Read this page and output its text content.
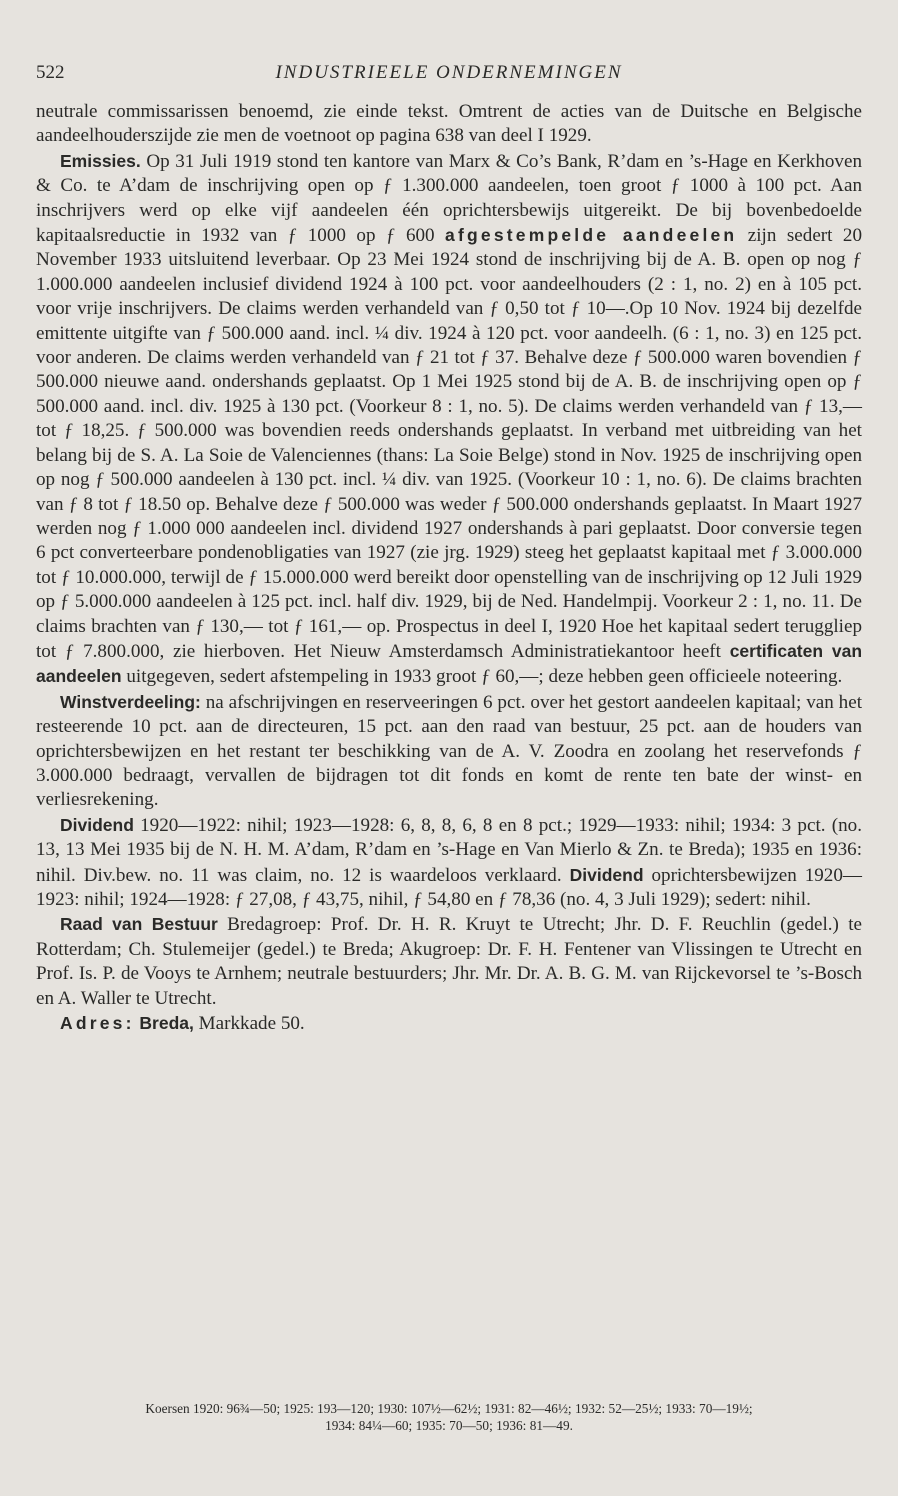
522	INDUSTRIEELE ONDERNEMINGEN

neutrale commissarissen benoemd, zie einde tekst. Omtrent de acties van de Duitsche en Belgische aandeelhouderszijde zie men de voetnoot op pagina 638 van deel I 1929.

Emissies. Op 31 Juli 1919 stond ten kantore van Marx & Co’s Bank, R’dam en ’s-Hage en Kerkhoven & Co. te A’dam de inschrijving open op ƒ 1.300.000 aandeelen, toen groot ƒ 1000 à 100 pct. Aan inschrijvers werd op elke vijf aandeelen één oprichtersbewijs uitgereikt. De bij bovenbedoelde kapitaalsreductie in 1932 van ƒ 1000 op ƒ 600 afgestempelde aandeelen zijn sedert 20 November 1933 uitsluitend leverbaar. Op 23 Mei 1924 stond de inschrijving bij de A. B. open op nog ƒ 1.000.000 aandeelen inclusief dividend 1924 à 100 pct. voor aandeelhouders (2 : 1, no. 2) en à 105 pct. voor vrije inschrijvers. De claims werden verhandeld van ƒ 0,50 tot ƒ 10—.Op 10 Nov. 1924 bij dezelfde emittente uitgifte van ƒ 500.000 aand. incl. ¼ div. 1924 à 120 pct. voor aandeelh. (6 : 1, no. 3) en 125 pct. voor anderen. De claims werden verhandeld van ƒ 21 tot ƒ 37. Behalve deze ƒ 500.000 waren bovendien ƒ 500.000 nieuwe aand. ondershands geplaatst. Op 1 Mei 1925 stond bij de A. B. de inschrijving open op ƒ 500.000 aand. incl. div. 1925 à 130 pct. (Voorkeur 8 : 1, no. 5). De claims werden verhandeld van ƒ 13,— tot ƒ 18,25. ƒ 500.000 was bovendien reeds ondershands geplaatst. In verband met uitbreiding van het belang bij de S. A. La Soie de Valenciennes (thans: La Soie Belge) stond in Nov. 1925 de inschrijving open op nog ƒ 500.000 aandeelen à 130 pct. incl. ¼ div. van 1925. (Voorkeur 10 : 1, no. 6). De claims brachten van ƒ 8 tot ƒ 18.50 op. Behalve deze ƒ 500.000 was weder ƒ 500.000 ondershands geplaatst. In Maart 1927 werden nog ƒ 1.000 000 aandeelen incl. dividend 1927 ondershands à pari geplaatst. Door conversie tegen 6 pct converteerbare pondenobligaties van 1927 (zie jrg. 1929) steeg het geplaatst kapitaal met ƒ 3.000.000 tot ƒ 10.000.000, terwijl de ƒ 15.000.000 werd bereikt door openstelling van de inschrijving op 12 Juli 1929 op ƒ 5.000.000 aandeelen à 125 pct. incl. half div. 1929, bij de Ned. Handelmpij. Voorkeur 2 : 1, no. 11. De claims brachten van ƒ 130,— tot ƒ 161,— op. Prospectus in deel I, 1920 Hoe het kapitaal sedert teruggliep tot ƒ 7.800.000, zie hierboven. Het Nieuw Amsterdamsch Administratiekantoor heeft certificaten van aandeelen uitgegeven, sedert afstempeling in 1933 groot ƒ 60,—; deze hebben geen officieele noteering.

Winstverdeeling: na afschrijvingen en reserveeringen 6 pct. over het gestort aandeelen kapitaal; van het resteerende 10 pct. aan de directeuren, 15 pct. aan den raad van bestuur, 25 pct. aan de houders van oprichtersbewijzen en het restant ter beschikking van de A. V. Zoodra en zoolang het reservefonds ƒ 3.000.000 bedraagt, vervallen de bijdragen tot dit fonds en komt de rente ten bate der winst- en verliesrekening.

Dividend 1920—1922: nihil; 1923—1928: 6, 8, 8, 6, 8 en 8 pct.; 1929—1933: nihil; 1934: 3 pct. (no. 13, 13 Mei 1935 bij de N. H. M. A’dam, R’dam en ’s-Hage en Van Mierlo & Zn. te Breda); 1935 en 1936: nihil. Div.bew. no. 11 was claim, no. 12 is waardeloos verklaard. Dividend oprichtersbewijzen 1920—1923: nihil; 1924—1928: ƒ 27,08, ƒ 43,75, nihil, ƒ 54,80 en ƒ 78,36 (no. 4, 3 Juli 1929); sedert: nihil.

Raad van Bestuur Bredagroep: Prof. Dr. H. R. Kruyt te Utrecht; Jhr. D. F. Reuchlin (gedel.) te Rotterdam; Ch. Stulemeijer (gedel.) te Breda; Akugroep: Dr. F. H. Fentener van Vlissingen te Utrecht en Prof. Is. P. de Vooys te Arnhem; neutrale bestuurders; Jhr. Mr. Dr. A. B. G. M. van Rijckevorsel te ’s-Bosch en A. Waller te Utrecht.

Adres: Breda, Markkade 50.

Koersen 1920: 96¾—50; 1925: 193—120; 1930: 107½—62½; 1931: 82—46½; 1932: 52—25½; 1933: 70—19½;
1934: 84¼—60; 1935: 70—50; 1936: 81—49.
